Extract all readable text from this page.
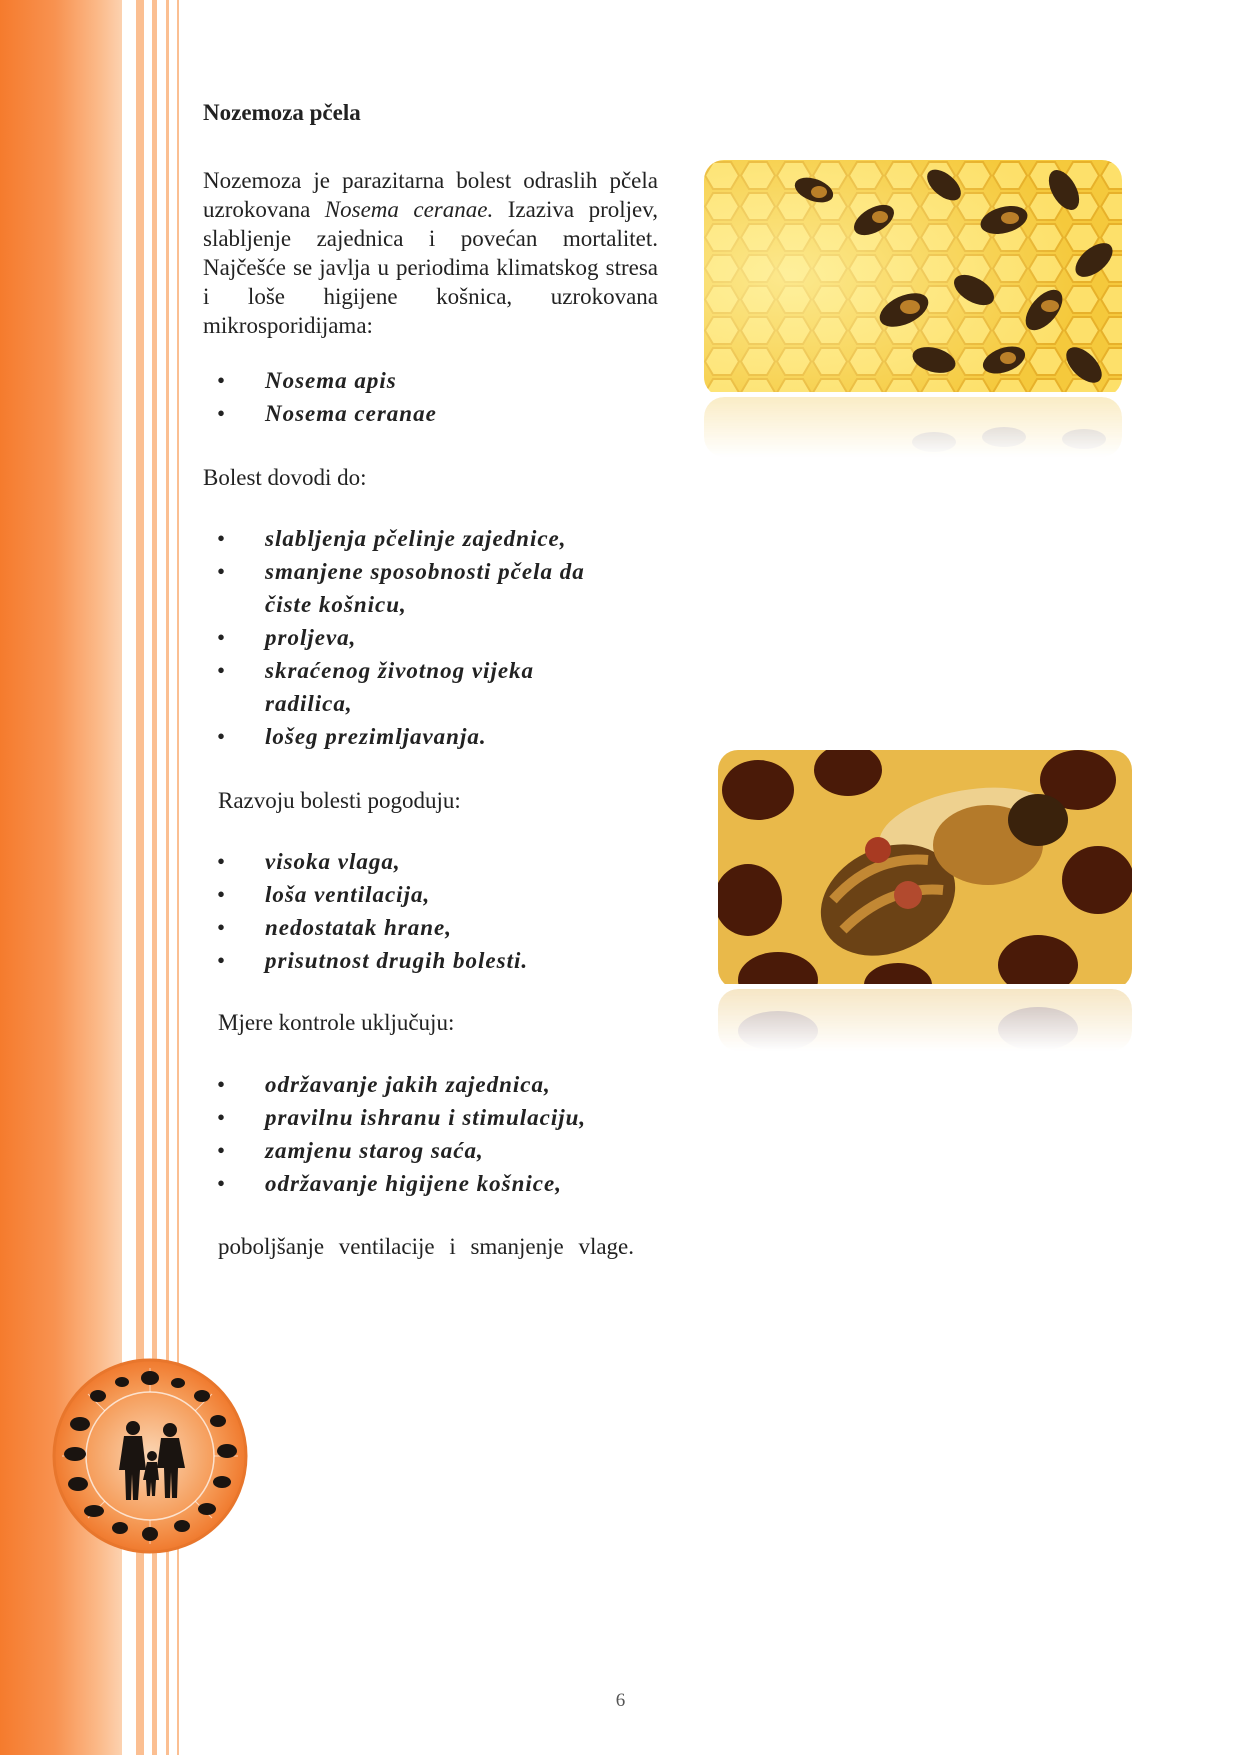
Nozemoza pčela

Nozemoza je parazitarna bolest odraslih pčela uzrokovana Nosema ceranae. Izaziva proljev, slabljenje zajednica i povećan mortalitet. Najčešće se javlja u periodima klimatskog stresa i loše higijene košnica, uzrokovana mikrosporidijama:

• Nosema apis
• Nosema ceranae

Bolest dovodi do:

• slabljenja pčelinje zajednice,
• smanjene sposobnosti pčela da čiste košnicu,
• proljeva,
• skraćenog životnog vijeka radilica,
• lošeg prezimljavanja.

Razvoju bolesti pogoduju:

• visoka vlaga,
• loša ventilacija,
• nedostatak hrane,
• prisutnost drugih bolesti.

Mjere kontrole uključuju:

• održavanje jakih zajednica,
• pravilnu ishranu i stimulaciju,
• zamjenu starog saća,
• održavanje higijene košnice,

poboljšanje ventilacije i smanjenje vlage.

6
